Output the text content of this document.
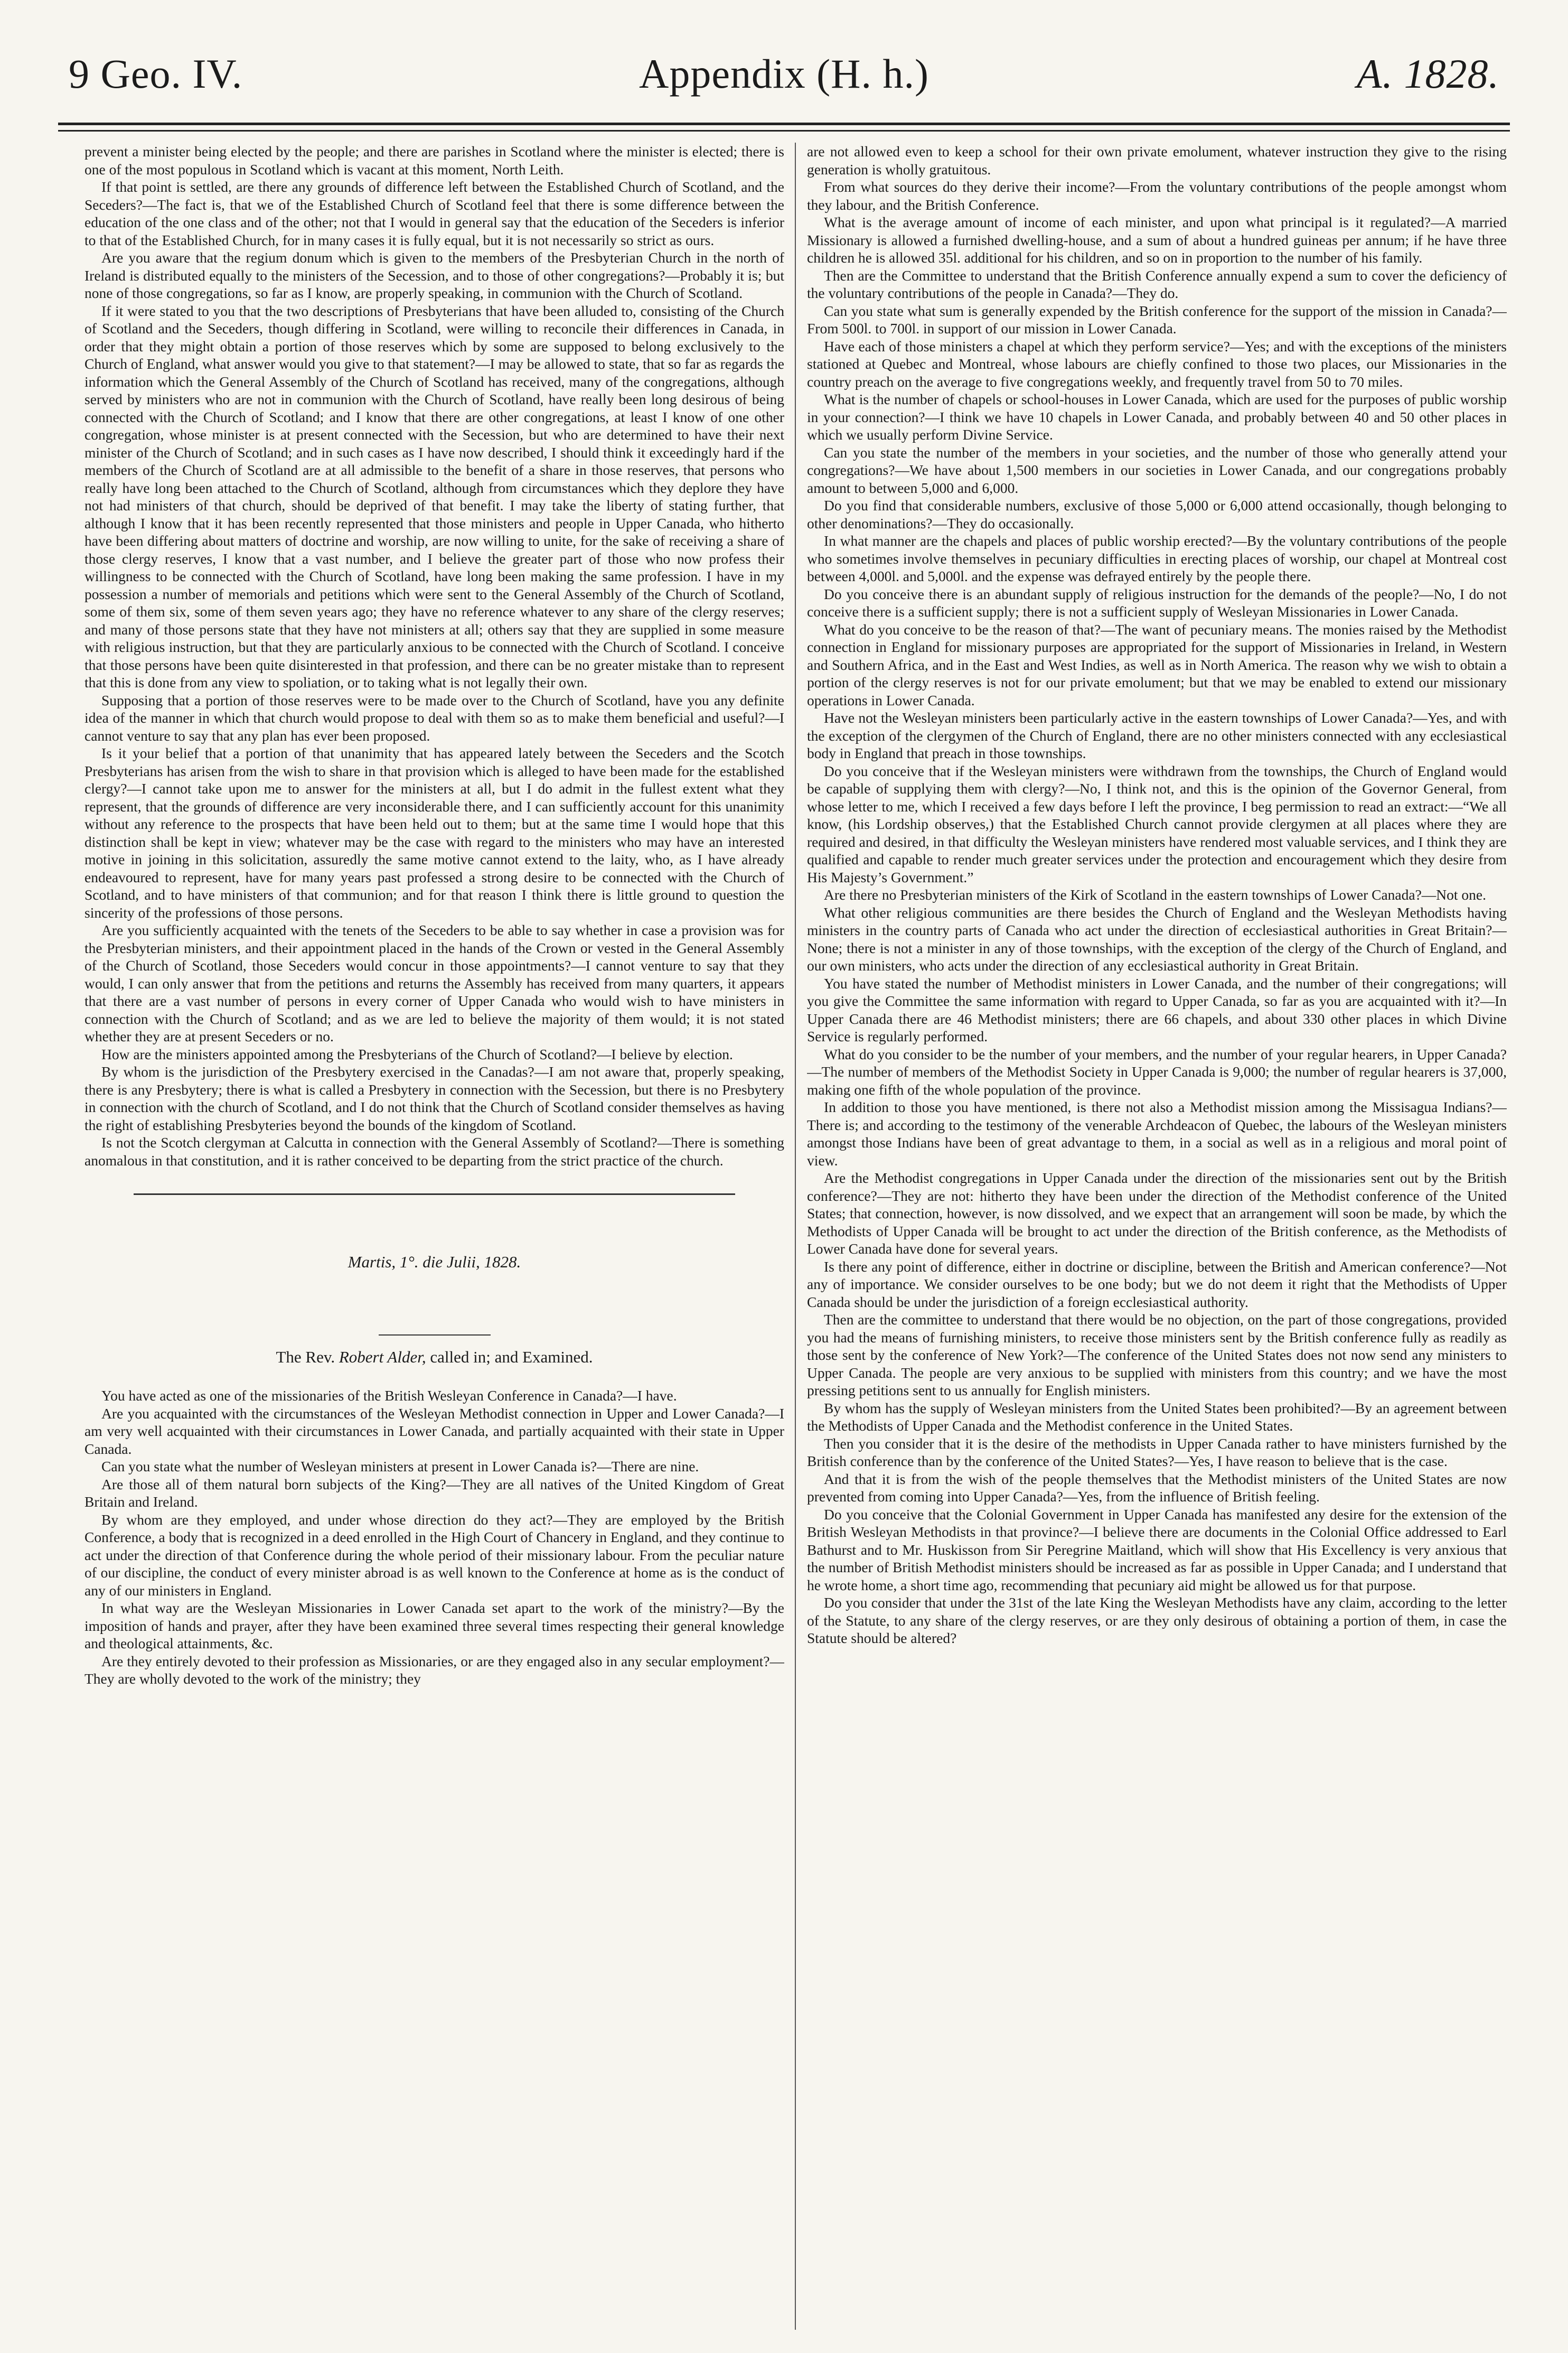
9 Geo. IV.	Appendix (H. h.)	A. 1828.

prevent a minister being elected by the people; and there are parishes in Scotland where the minister is elected; there is one of the most populous in Scotland which is vacant at this moment, North Leith.

If that point is settled, are there any grounds of difference left between the Established Church of Scotland, and the Seceders?—The fact is, that we of the Established Church of Scotland feel that there is some difference between the education of the one class and of the other; not that I would in general say that the education of the Seceders is inferior to that of the Established Church, for in many cases it is fully equal, but it is not necessarily so strict as ours.

Are you aware that the regium donum which is given to the members of the Presbyterian Church in the north of Ireland is distributed equally to the ministers of the Secession, and to those of other congregations?—Probably it is; but none of those congregations, so far as I know, are properly speaking, in communion with the Church of Scotland.

If it were stated to you that the two descriptions of Presbyterians that have been alluded to, consisting of the Church of Scotland and the Seceders, though differing in Scotland, were willing to reconcile their differences in Canada, in order that they might obtain a portion of those reserves which by some are supposed to belong exclusively to the Church of England, what answer would you give to that statement?—I may be allowed to state, that so far as regards the information which the General Assembly of the Church of Scotland has received, many of the congregations, although served by ministers who are not in communion with the Church of Scotland, have really been long desirous of being connected with the Church of Scotland; and I know that there are other congregations, at least I know of one other congregation, whose minister is at present connected with the Secession, but who are determined to have their next minister of the Church of Scotland; and in such cases as I have now described, I should think it exceedingly hard if the members of the Church of Scotland are at all admissible to the benefit of a share in those reserves, that persons who really have long been attached to the Church of Scotland, although from circumstances which they deplore they have not had ministers of that church, should be deprived of that benefit. I may take the liberty of stating further, that although I know that it has been recently represented that those ministers and people in Upper Canada, who hitherto have been differing about matters of doctrine and worship, are now willing to unite, for the sake of receiving a share of those clergy reserves, I know that a vast number, and I believe the greater part of those who now profess their willingness to be connected with the Church of Scotland, have long been making the same profession. I have in my possession a number of memorials and petitions which were sent to the General Assembly of the Church of Scotland, some of them six, some of them seven years ago; they have no reference whatever to any share of the clergy reserves; and many of those persons state that they have not ministers at all; others say that they are supplied in some measure with religious instruction, but that they are particularly anxious to be connected with the Church of Scotland. I conceive that those persons have been quite disinterested in that profession, and there can be no greater mistake than to represent that this is done from any view to spoliation, or to taking what is not legally their own.

Supposing that a portion of those reserves were to be made over to the Church of Scotland, have you any definite idea of the manner in which that church would propose to deal with them so as to make them beneficial and useful?—I cannot venture to say that any plan has ever been proposed.

Is it your belief that a portion of that unanimity that has appeared lately between the Seceders and the Scotch Presbyterians has arisen from the wish to share in that provision which is alleged to have been made for the established clergy?—I cannot take upon me to answer for the ministers at all, but I do admit in the fullest extent what they represent, that the grounds of difference are very inconsiderable there, and I can sufficiently account for this unanimity without any reference to the prospects that have been held out to them; but at the same time I would hope that this distinction shall be kept in view; whatever may be the case with regard to the ministers who may have an interested motive in joining in this solicitation, assuredly the same motive cannot extend to the laity, who, as I have already endeavoured to represent, have for many years past professed a strong desire to be connected with the Church of Scotland, and to have ministers of that communion; and for that reason I think there is little ground to question the sincerity of the professions of those persons.

Are you sufficiently acquainted with the tenets of the Seceders to be able to say whether in case a provision was for the Presbyterian ministers, and their appointment placed in the hands of the Crown or vested in the General Assembly of the Church of Scotland, those Seceders would concur in those appointments?—I cannot venture to say that they would, I can only answer that from the petitions and returns the Assembly has received from many quarters, it appears that there are a vast number of persons in every corner of Upper Canada who would wish to have ministers in connection with the Church of Scotland; and as we are led to believe the majority of them would; it is not stated whether they are at present Seceders or no.

How are the ministers appointed among the Presbyterians of the Church of Scotland?—I believe by election.

By whom is the jurisdiction of the Presbytery exercised in the Canadas?—I am not aware that, properly speaking, there is any Presbytery; there is what is called a Presbytery in connection with the Secession, but there is no Presbytery in connection with the church of Scotland, and I do not think that the Church of Scotland consider themselves as having the right of establishing Presbyteries beyond the bounds of the kingdom of Scotland.

Is not the Scotch clergyman at Calcutta in connection with the General Assembly of Scotland?—There is something anomalous in that constitution, and it is rather conceived to be departing from the strict practice of the church.

Martis, 1°. die Julii, 1828.
The Rev. Robert Alder, called in; and Examined.

You have acted as one of the missionaries of the British Wesleyan Conference in Canada?—I have.

Are you acquainted with the circumstances of the Wesleyan Methodist connection in Upper and Lower Canada?—I am very well acquainted with their circumstances in Lower Canada, and partially acquainted with their state in Upper Canada.

Can you state what the number of Wesleyan ministers at present in Lower Canada is?—There are nine.

Are those all of them natural born subjects of the King?—They are all natives of the United Kingdom of Great Britain and Ireland.

By whom are they employed, and under whose direction do they act?—They are employed by the British Conference, a body that is recognized in a deed enrolled in the High Court of Chancery in England, and they continue to act under the direction of that Conference during the whole period of their missionary labour. From the peculiar nature of our discipline, the conduct of every minister abroad is as well known to the Conference at home as is the conduct of any of our ministers in England.

In what way are the Wesleyan Missionaries in Lower Canada set apart to the work of the ministry?—By the imposition of hands and prayer, after they have been examined three several times respecting their general knowledge and theological attainments, &c.

Are they entirely devoted to their profession as Missionaries, or are they engaged also in any secular employment?—They are wholly devoted to the work of the ministry; they

are not allowed even to keep a school for their own private emolument, whatever instruction they give to the rising generation is wholly gratuitous.

From what sources do they derive their income?—From the voluntary contributions of the people amongst whom they labour, and the British Conference.

What is the average amount of income of each minister, and upon what principal is it regulated?—A married Missionary is allowed a furnished dwelling-house, and a sum of about a hundred guineas per annum; if he have three children he is allowed 35l. additional for his children, and so on in proportion to the number of his family.

Then are the Committee to understand that the British Conference annually expend a sum to cover the deficiency of the voluntary contributions of the people in Canada?—They do.

Can you state what sum is generally expended by the British conference for the support of the mission in Canada?—From 500l. to 700l. in support of our mission in Lower Canada.

Have each of those ministers a chapel at which they perform service?—Yes; and with the exceptions of the ministers stationed at Quebec and Montreal, whose labours are chiefly confined to those two places, our Missionaries in the country preach on the average to five congregations weekly, and frequently travel from 50 to 70 miles.

What is the number of chapels or school-houses in Lower Canada, which are used for the purposes of public worship in your connection?—I think we have 10 chapels in Lower Canada, and probably between 40 and 50 other places in which we usually perform Divine Service.

Can you state the number of the members in your societies, and the number of those who generally attend your congregations?—We have about 1,500 members in our societies in Lower Canada, and our congregations probably amount to between 5,000 and 6,000.

Do you find that considerable numbers, exclusive of those 5,000 or 6,000 attend occasionally, though belonging to other denominations?—They do occasionally.

In what manner are the chapels and places of public worship erected?—By the voluntary contributions of the people who sometimes involve themselves in pecuniary difficulties in erecting places of worship, our chapel at Montreal cost between 4,000l. and 5,000l. and the expense was defrayed entirely by the people there.

Do you conceive there is an abundant supply of religious instruction for the demands of the people?—No, I do not conceive there is a sufficient supply; there is not a sufficient supply of Wesleyan Missionaries in Lower Canada.

What do you conceive to be the reason of that?—The want of pecuniary means. The monies raised by the Methodist connection in England for missionary purposes are appropriated for the support of Missionaries in Ireland, in Western and Southern Africa, and in the East and West Indies, as well as in North America. The reason why we wish to obtain a portion of the clergy reserves is not for our private emolument; but that we may be enabled to extend our missionary operations in Lower Canada.

Have not the Wesleyan ministers been particularly active in the eastern townships of Lower Canada?—Yes, and with the exception of the clergymen of the Church of England, there are no other ministers connected with any ecclesiastical body in England that preach in those townships.

Do you conceive that if the Wesleyan ministers were withdrawn from the townships, the Church of England would be capable of supplying them with clergy?—No, I think not, and this is the opinion of the Governor General, from whose letter to me, which I received a few days before I left the province, I beg permission to read an extract:—“We all know, (his Lordship observes,) that the Established Church cannot provide clergymen at all places where they are required and desired, in that difficulty the Wesleyan ministers have rendered most valuable services, and I think they are qualified and capable to render much greater services under the protection and encouragement which they desire from His Majesty’s Government.”

Are there no Presbyterian ministers of the Kirk of Scotland in the eastern townships of Lower Canada?—Not one.

What other religious communities are there besides the Church of England and the Wesleyan Methodists having ministers in the country parts of Canada who act under the direction of ecclesiastical authorities in Great Britain?—None; there is not a minister in any of those townships, with the exception of the clergy of the Church of England, and our own ministers, who acts under the direction of any ecclesiastical authority in Great Britain.

You have stated the number of Methodist ministers in Lower Canada, and the number of their congregations; will you give the Committee the same information with regard to Upper Canada, so far as you are acquainted with it?—In Upper Canada there are 46 Methodist ministers; there are 66 chapels, and about 330 other places in which Divine Service is regularly performed.

What do you consider to be the number of your members, and the number of your regular hearers, in Upper Canada?—The number of members of the Methodist Society in Upper Canada is 9,000; the number of regular hearers is 37,000, making one fifth of the whole population of the province.

In addition to those you have mentioned, is there not also a Methodist mission among the Missisagua Indians?—There is; and according to the testimony of the venerable Archdeacon of Quebec, the labours of the Wesleyan ministers amongst those Indians have been of great advantage to them, in a social as well as in a religious and moral point of view.

Are the Methodist congregations in Upper Canada under the direction of the missionaries sent out by the British conference?—They are not: hitherto they have been under the direction of the Methodist conference of the United States; that connection, however, is now dissolved, and we expect that an arrangement will soon be made, by which the Methodists of Upper Canada will be brought to act under the direction of the British conference, as the Methodists of Lower Canada have done for several years.

Is there any point of difference, either in doctrine or discipline, between the British and American conference?—Not any of importance. We consider ourselves to be one body; but we do not deem it right that the Methodists of Upper Canada should be under the jurisdiction of a foreign ecclesiastical authority.

Then are the committee to understand that there would be no objection, on the part of those congregations, provided you had the means of furnishing ministers, to receive those ministers sent by the British conference fully as readily as those sent by the conference of New York?—The conference of the United States does not now send any ministers to Upper Canada. The people are very anxious to be supplied with ministers from this country; and we have the most pressing petitions sent to us annually for English ministers.

By whom has the supply of Wesleyan ministers from the United States been prohibited?—By an agreement between the Methodists of Upper Canada and the Methodist conference in the United States.

Then you consider that it is the desire of the methodists in Upper Canada rather to have ministers furnished by the British conference than by the conference of the United States?—Yes, I have reason to believe that is the case.

And that it is from the wish of the people themselves that the Methodist ministers of the United States are now prevented from coming into Upper Canada?—Yes, from the influence of British feeling.

Do you conceive that the Colonial Government in Upper Canada has manifested any desire for the extension of the British Wesleyan Methodists in that province?—I believe there are documents in the Colonial Office addressed to Earl Bathurst and to Mr. Huskisson from Sir Peregrine Maitland, which will show that His Excellency is very anxious that the number of British Methodist ministers should be increased as far as possible in Upper Canada; and I understand that he wrote home, a short time ago, recommending that pecuniary aid might be allowed us for that purpose.

Do you consider that under the 31st of the late King the Wesleyan Methodists have any claim, according to the letter of the Statute, to any share of the clergy reserves, or are they only desirous of obtaining a portion of them, in case the Statute should be altered?
